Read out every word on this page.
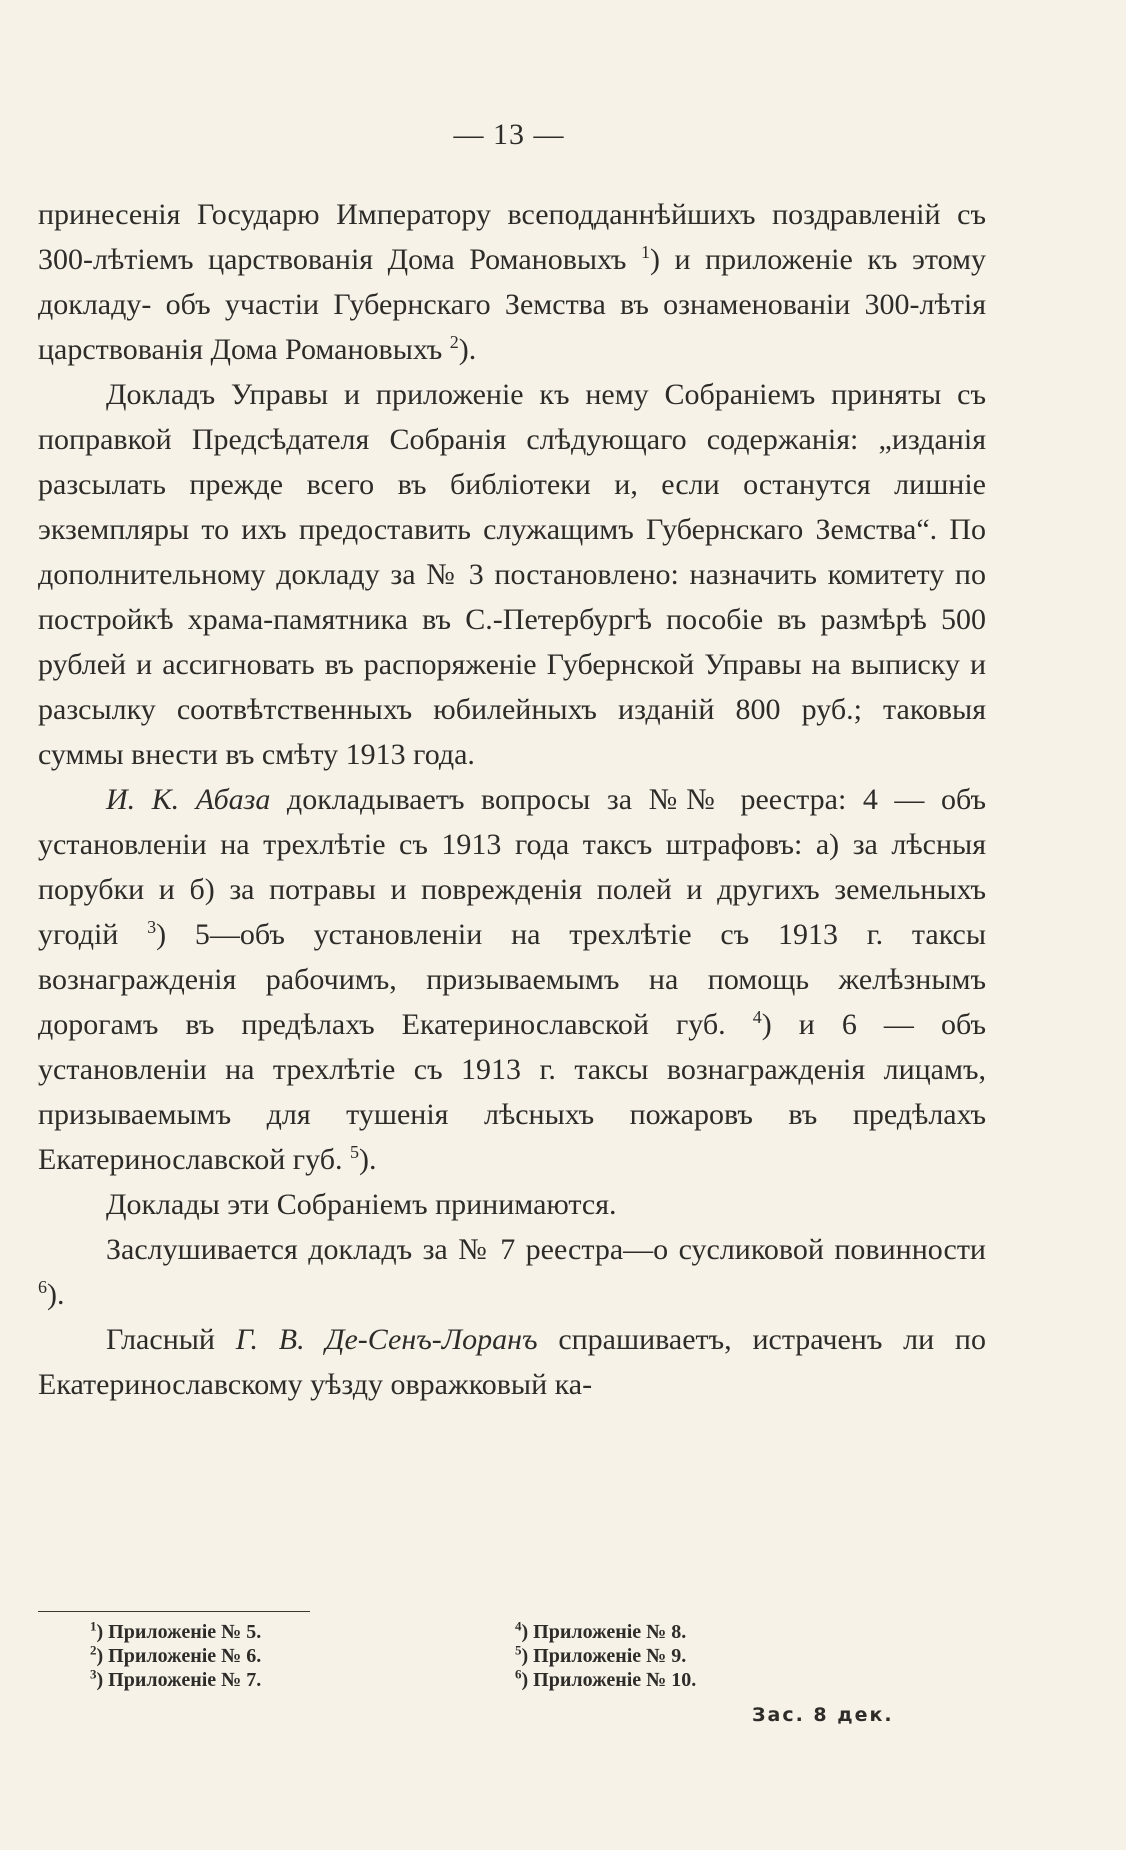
— 13 —

принесенія Государю Императору всеподданнѣйшихъ поздравленій съ 300-лѣтіемъ царствованія Дома Романовыхъ $^1$) и приложеніе къ этому докладу- объ участіи Губернскаго Земства въ ознаменованіи 300-лѣтія царствованія Дома Романовыхъ $^2$).

Докладъ Управы и приложеніе къ нему Собраніемъ приняты съ поправкой Предсѣдателя Собранія слѣдующаго содержанія: „изданія разсылать прежде всего въ библіотеки и, если останутся лишніе экземпляры то ихъ предоставить служащимъ Губернскаго Земства“. По дополнительному докладу за № 3 постановлено: назначить комитету по постройкѣ храма-памятника въ С.-Петербургѣ пособіе въ размѣрѣ 500 рублей и ассигновать въ распоряженіе Губернской Управы на выписку и разсылку соотвѣтственныхъ юбилейныхъ изданій 800 руб.; таковыя суммы внести въ смѣту 1913 года.

И. К. Абаза докладываетъ вопросы за №№ реестра: 4 — объ установленіи на трехлѣтіе съ 1913 года таксъ штрафовъ: а) за лѣсныя порубки и б) за потравы и поврежденія полей и другихъ земельныхъ угодій $^3$) 5—объ установленіи на трехлѣтіе съ 1913 г. таксы вознагражденія рабочимъ, призываемымъ на помощь желѣзнымъ дорогамъ въ предѣлахъ Екатеринославской губ. $^4$) и 6 — объ установленіи на трехлѣтіе съ 1913 г. таксы вознагражденія лицамъ, призываемымъ для тушенія лѣсныхъ пожаровъ въ предѣлахъ Екатеринославской губ. $^5$).

Доклады эти Собраніемъ принимаются.

Заслушивается докладъ за № 7 реестра—о сусликовой повинности $^6$).

Гласный Г. В. Де-Сенъ-Лоранъ спрашиваетъ, истраченъ ли по Екатеринославскому уѣзду овражковый ка-

$^1$) Приложеніе № 5.
$^2$) Приложеніе № 6.
$^3$) Приложеніе № 7.
$^4$) Приложеніе № 8.
$^5$) Приложеніе № 9.
$^6$) Приложеніе № 10.
Зас. 8 дек.
